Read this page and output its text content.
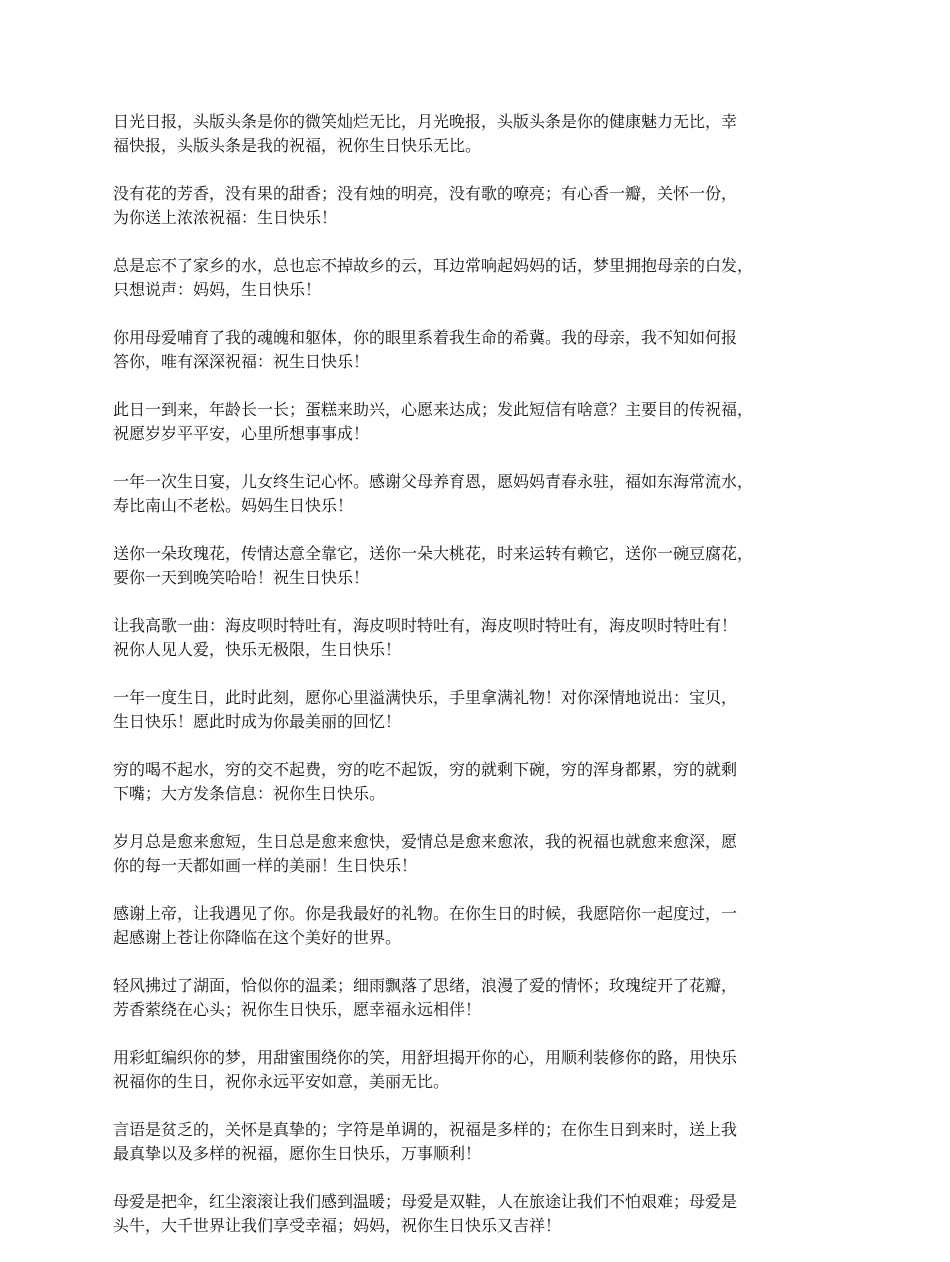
日光日报，头版头条是你的微笑灿烂无比，月光晚报，头版头条是你的健康魅力无比，幸
福快报，头版头条是我的祝福，祝你生日快乐无比。

没有花的芳香，没有果的甜香；没有烛的明亮，没有歌的嘹亮；有心香一瓣，关怀一份，
为你送上浓浓祝福：生日快乐！

总是忘不了家乡的水，总也忘不掉故乡的云，耳边常响起妈妈的话，梦里拥抱母亲的白发，
只想说声：妈妈，生日快乐！

你用母爱哺育了我的魂魄和躯体，你的眼里系着我生命的希冀。我的母亲，我不知如何报
答你，唯有深深祝福：祝生日快乐！

此日一到来，年龄长一长；蛋糕来助兴，心愿来达成；发此短信有啥意？主要目的传祝福，
祝愿岁岁平平安，心里所想事事成！

一年一次生日宴，儿女终生记心怀。感谢父母养育恩，愿妈妈青春永驻，福如东海常流水，
寿比南山不老松。妈妈生日快乐！

送你一朵玫瑰花，传情达意全靠它，送你一朵大桃花，时来运转有赖它，送你一碗豆腐花，
要你一天到晚笑哈哈！祝生日快乐！

让我高歌一曲：海皮呗时特吐有，海皮呗时特吐有，海皮呗时特吐有，海皮呗时特吐有！
祝你人见人爱，快乐无极限，生日快乐！

一年一度生日，此时此刻，愿你心里溢满快乐，手里拿满礼物！对你深情地说出：宝贝，
生日快乐！愿此时成为你最美丽的回忆！

穷的喝不起水，穷的交不起费，穷的吃不起饭，穷的就剩下碗，穷的浑身都累，穷的就剩
下嘴；大方发条信息：祝你生日快乐。

岁月总是愈来愈短，生日总是愈来愈快，爱情总是愈来愈浓，我的祝福也就愈来愈深，愿
你的每一天都如画一样的美丽！生日快乐！

感谢上帝，让我遇见了你。你是我最好的礼物。在你生日的时候，我愿陪你一起度过，一
起感谢上苍让你降临在这个美好的世界。

轻风拂过了湖面，恰似你的温柔；细雨飘落了思绪，浪漫了爱的情怀；玫瑰绽开了花瓣，
芳香萦绕在心头；祝你生日快乐，愿幸福永远相伴！

用彩虹编织你的梦，用甜蜜围绕你的笑，用舒坦揭开你的心，用顺利装修你的路，用快乐
祝福你的生日，祝你永远平安如意，美丽无比。

言语是贫乏的，关怀是真挚的；字符是单调的，祝福是多样的；在你生日到来时，送上我
最真挚以及多样的祝福，愿你生日快乐，万事顺利！

母爱是把伞，红尘滚滚让我们感到温暖；母爱是双鞋，人在旅途让我们不怕艰难；母爱是
头牛，大千世界让我们享受幸福；妈妈，祝你生日快乐又吉祥！
